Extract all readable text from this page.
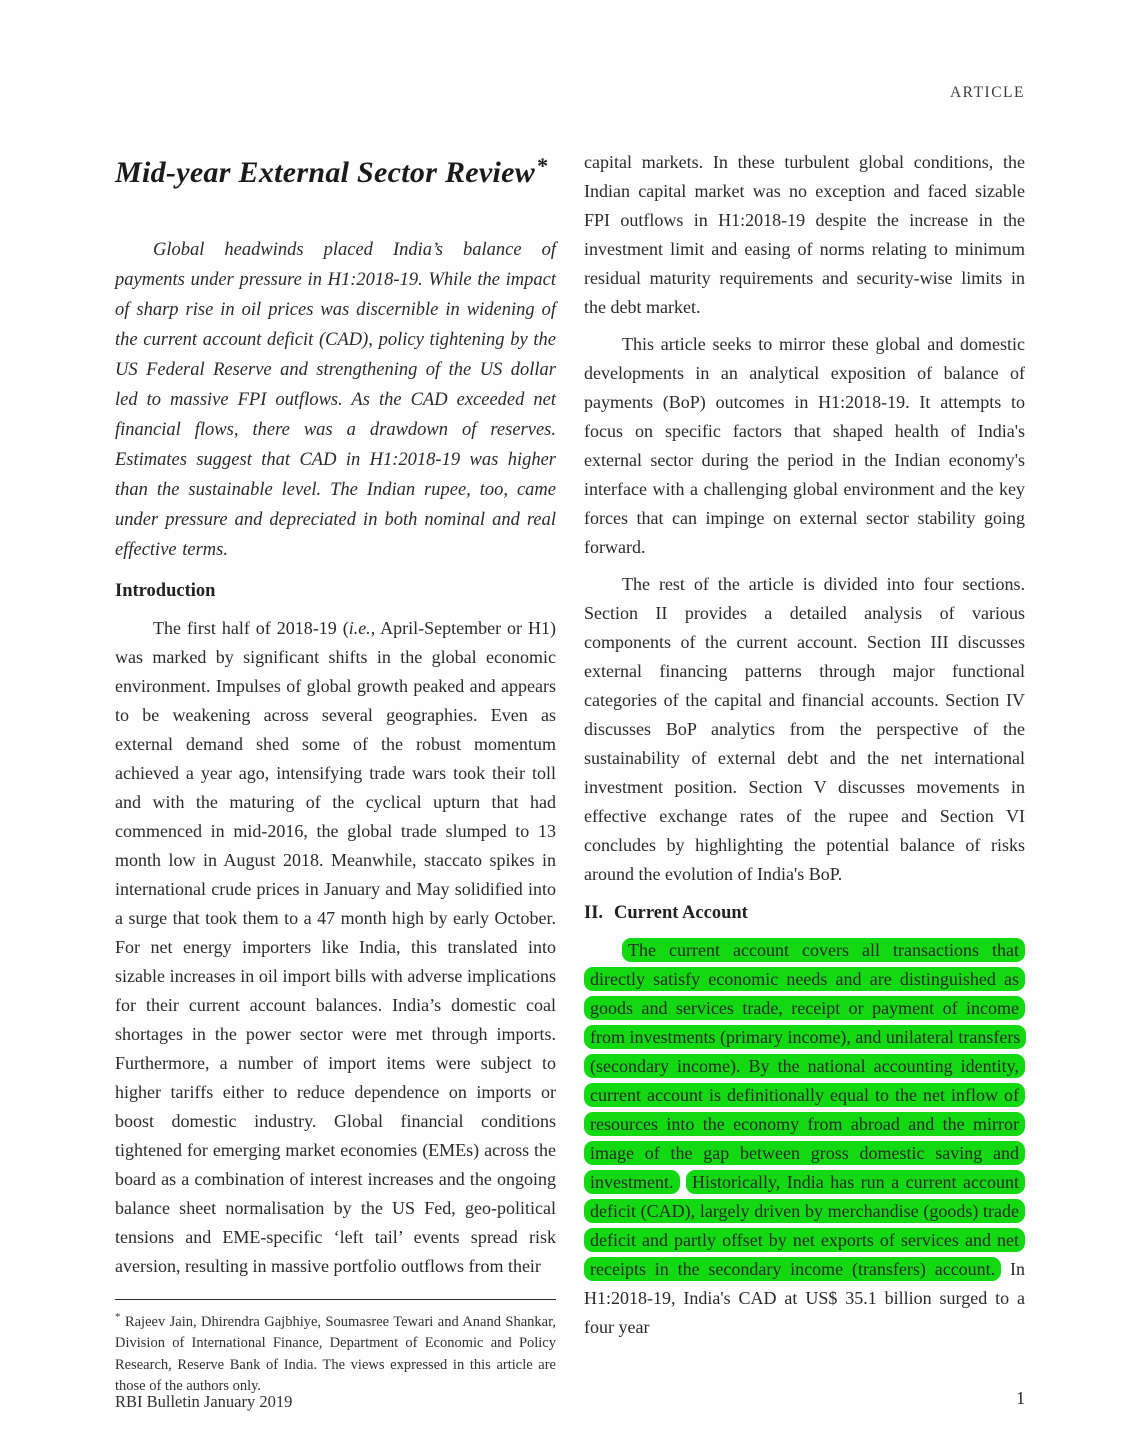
ARTICLE
Mid-year External Sector Review*

Global headwinds placed India’s balance of payments under pressure in H1:2018-19. While the impact of sharp rise in oil prices was discernible in widening of the current account deficit (CAD), policy tightening by the US Federal Reserve and strengthening of the US dollar led to massive FPI outflows. As the CAD exceeded net financial flows, there was a drawdown of reserves. Estimates suggest that CAD in H1:2018-19 was higher than the sustainable level. The Indian rupee, too, came under pressure and depreciated in both nominal and real effective terms.

Introduction

The first half of 2018-19 (i.e., April-September or H1) was marked by significant shifts in the global economic environment. Impulses of global growth peaked and appears to be weakening across several geographies. Even as external demand shed some of the robust momentum achieved a year ago, intensifying trade wars took their toll and with the maturing of the cyclical upturn that had commenced in mid-2016, the global trade slumped to 13 month low in August 2018. Meanwhile, staccato spikes in international crude prices in January and May solidified into a surge that took them to a 47 month high by early October. For net energy importers like India, this translated into sizable increases in oil import bills with adverse implications for their current account balances. India’s domestic coal shortages in the power sector were met through imports. Furthermore, a number of import items were subject to higher tariffs either to reduce dependence on imports or boost domestic industry. Global financial conditions tightened for emerging market economies (EMEs) across the board as a combination of interest increases and the ongoing balance sheet normalisation by the US Fed, geo-political tensions and EME-specific ‘left tail’ events spread risk aversion, resulting in massive portfolio outflows from their

* Rajeev Jain, Dhirendra Gajbhiye, Soumasree Tewari and Anand Shankar, Division of International Finance, Department of Economic and Policy Research, Reserve Bank of India. The views expressed in this article are those of the authors only.

capital markets. In these turbulent global conditions, the Indian capital market was no exception and faced sizable FPI outflows in H1:2018-19 despite the increase in the investment limit and easing of norms relating to minimum residual maturity requirements and security-wise limits in the debt market.

This article seeks to mirror these global and domestic developments in an analytical exposition of balance of payments (BoP) outcomes in H1:2018-19. It attempts to focus on specific factors that shaped health of India's external sector during the period in the Indian economy's interface with a challenging global environment and the key forces that can impinge on external sector stability going forward.

The rest of the article is divided into four sections. Section II provides a detailed analysis of various components of the current account. Section III discusses external financing patterns through major functional categories of the capital and financial accounts. Section IV discusses BoP analytics from the perspective of the sustainability of external debt and the net international investment position. Section V discusses movements in effective exchange rates of the rupee and Section VI concludes by highlighting the potential balance of risks around the evolution of India's BoP.

II. Current Account

The current account covers all transactions that directly satisfy economic needs and are distinguished as goods and services trade, receipt or payment of income from investments (primary income), and unilateral transfers (secondary income). By the national accounting identity, current account is definitionally equal to the net inflow of resources into the economy from abroad and the mirror image of the gap between gross domestic saving and investment. Historically, India has run a current account deficit (CAD), largely driven by merchandise (goods) trade deficit and partly offset by net exports of services and net receipts in the secondary income (transfers) account. In H1:2018-19, India's CAD at US$ 35.1 billion surged to a four year

RBI Bulletin January 2019	1
